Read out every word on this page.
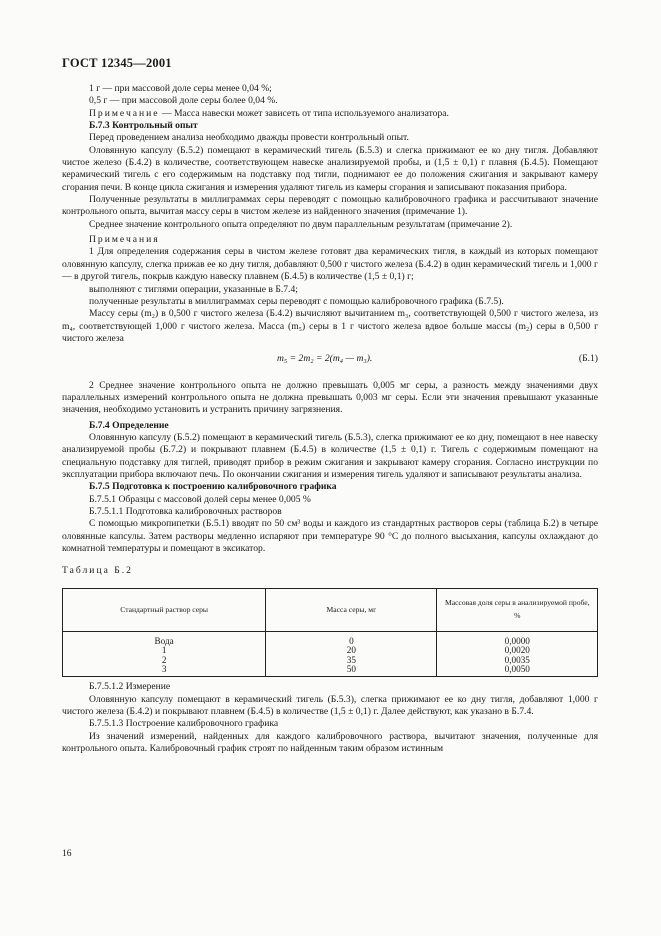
ГОСТ 12345—2001

1 г — при массовой доле серы менее 0,04 %;

0,5 г — при массовой доле серы более 0,04 %.

Примечание — Масса навески может зависеть от типа используемого анализатора.

Б.7.3 Контрольный опыт

Перед проведением анализа необходимо дважды провести контрольный опыт.

Оловянную капсулу (Б.5.2) помещают в керамический тигель (Б.5.3) и слегка прижимают ее ко дну тигля. Добавляют чистое железо (Б.4.2) в количестве, соответствующем навеске анализируемой пробы, и (1,5 ± 0,1) г плавня (Б.4.5). Помещают керамический тигель с его содержимым на подставку под тигли, поднимают ее до положения сжигания и закрывают камеру сгорания печи. В конце цикла сжигания и измерения удаляют тигель из камеры сгорания и записывают показания прибора.

Полученные результаты в миллиграммах серы переводят с помощью калибровочного графика и рассчитывают значение контрольного опыта, вычитая массу серы в чистом железе из найденного значения (примечание 1).

Среднее значение контрольного опыта определяют по двум параллельным результатам (примечание 2).

Примечания

1 Для определения содержания серы в чистом железе готовят два керамических тигля, в каждый из которых помещают оловянную капсулу, слегка прижав ее ко дну тигля, добавляют 0,500 г чистого железа (Б.4.2) в один керамический тигель и 1,000 г — в другой тигель, покрыв каждую навеску плавнем (Б.4.5) в количестве (1,5 ± 0,1) г;

выполняют с тиглями операции, указанные в Б.7.4;

полученные результаты в миллиграммах серы переводят с помощью калибровочного графика (Б.7.5).

Массу серы (m₂) в 0,500 г чистого железа (Б.4.2) вычисляют вычитанием m₃, соответствующей 0,500 г чистого железа, из m₄, соответствующей 1,000 г чистого железа. Масса (m₅) серы в 1 г чистого железа вдвое больше массы (m₂) серы в 0,500 г чистого железа

m₅ = 2m₂ = 2(m₄ — m₃).	(Б.1)

2 Среднее значение контрольного опыта не должно превышать 0,005 мг серы, а разность между значениями двух параллельных измерений контрольного опыта не должна превышать 0,003 мг серы. Если эти значения превышают указанные значения, необходимо установить и устранить причину загрязнения.

Б.7.4 Определение

Оловянную капсулу (Б.5.2) помещают в керамический тигель (Б.5.3), слегка прижимают ее ко дну, помещают в нее навеску анализируемой пробы (Б.7.2) и покрывают плавнем (Б.4.5) в количестве (1,5 ± 0,1) г. Тигель с содержимым помещают на специальную подставку для тиглей, приводят прибор в режим сжигания и закрывают камеру сгорания. Согласно инструкции по эксплуатации прибора включают печь. По окончании сжигания и измерения тигель удаляют и записывают результаты анализа.

Б.7.5 Подготовка к построению калибровочного графика

Б.7.5.1 Образцы с массовой долей серы менее 0,005 %

Б.7.5.1.1 Подготовка калибровочных растворов

С помощью микропипетки (Б.5.1) вводят по 50 см³ воды и каждого из стандартных растворов серы (таблица Б.2) в четыре оловянные капсулы. Затем растворы медленно испаряют при температуре 90 °С до полного высыхания, капсулы охлаждают до комнатной температуры и помещают в эксикатор.

Таблица Б.2

Стандартный раствор серы	Масса серы, мг	Массовая доля серы в анализируемой пробе, %
Вода	0	0,0000
1	20	0,0020
2	35	0,0035
3	50	0,0050

Б.7.5.1.2 Измерение

Оловянную капсулу помещают в керамический тигель (Б.5.3), слегка прижимают ее ко дну тигля, добавляют 1,000 г чистого железа (Б.4.2) и покрывают плавнем (Б.4.5) в количестве (1,5 ± 0,1) г. Далее действуют, как указано в Б.7.4.

Б.7.5.1.3 Построение калибровочного графика

Из значений измерений, найденных для каждого калибровочного раствора, вычитают значения, полученные для контрольного опыта. Калибровочный график строят по найденным таким образом истинным

16
